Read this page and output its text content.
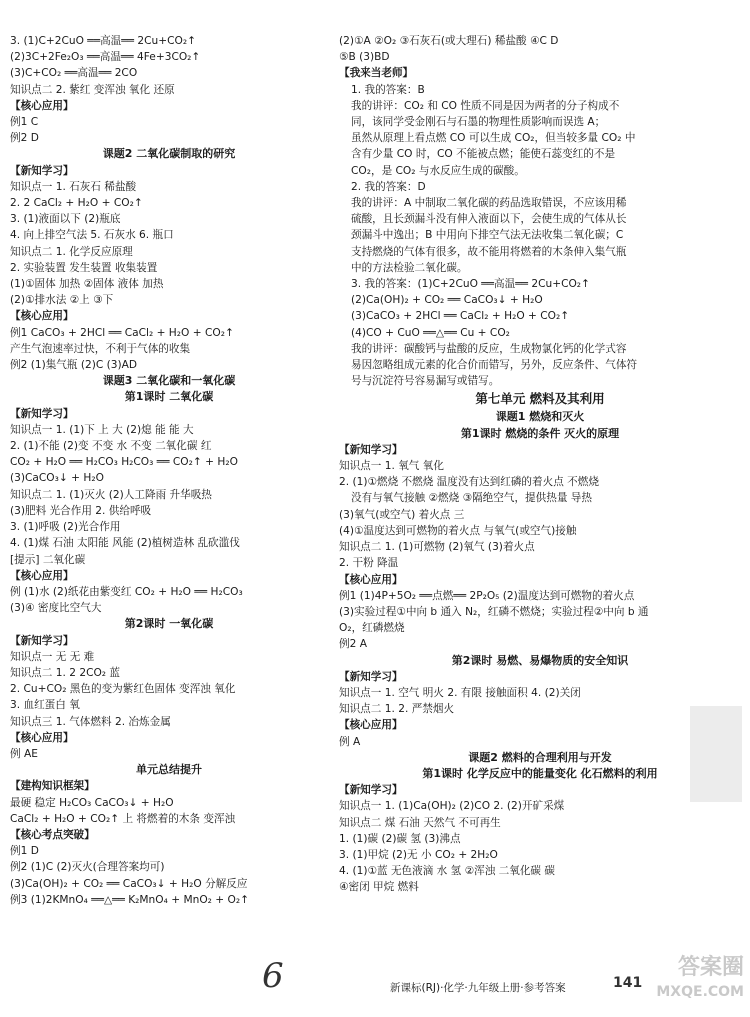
3. (1)C+2CuO ══高温══ 2Cu+CO₂↑
(2)3C+2Fe₂O₃ ══高温══ 4Fe+3CO₂↑
(3)C+CO₂ ══高温══ 2CO
知识点二 2. 紫红 变浑浊 氧化 还原
【核心应用】
例1 C
例2 D
课题2 二氧化碳制取的研究
【新知学习】
知识点一 1. 石灰石 稀盐酸
2. 2 CaCl₂ + H₂O + CO₂↑
3. (1)液面以下 (2)瓶底
4. 向上排空气法 5. 石灰水 6. 瓶口
知识点二 1. 化学反应原理
2. 实验装置 发生装置 收集装置
(1)①固体 加热 ②固体 液体 加热
(2)①排水法 ②上 ③下
【核心应用】
例1 CaCO₃ + 2HCl ══ CaCl₂ + H₂O + CO₂↑
产生气泡速率过快，不利于气体的收集
例2 (1)集气瓶 (2)C (3)AD
课题3 二氧化碳和一氧化碳
第1课时 二氧化碳
【新知学习】
知识点一 1. (1)下 上 大 (2)熄 能 能 大
2. (1)不能 (2)变 不变 水 不变 二氧化碳 红
CO₂ + H₂O ══ H₂CO₃ H₂CO₃ ══ CO₂↑ + H₂O
(3)CaCO₃↓ + H₂O
知识点二 1. (1)灭火 (2)人工降雨 升华吸热
(3)肥料 光合作用 2. 供给呼吸
3. (1)呼吸 (2)光合作用
4. (1)煤 石油 太阳能 风能 (2)植树造林 乱砍滥伐
[提示] 二氧化碳
【核心应用】
例 (1)水 (2)纸花由紫变红 CO₂ + H₂O ══ H₂CO₃
(3)④ 密度比空气大
第2课时 一氧化碳
【新知学习】
知识点一 无 无 难
知识点二 1. 2 2CO₂ 蓝
2. Cu+CO₂ 黑色的变为紫红色固体 变浑浊 氧化
3. 血红蛋白 氧
知识点三 1. 气体燃料 2. 冶炼金属
【核心应用】
例 AE
单元总结提升
【建构知识框架】
最硬 稳定 H₂CO₃ CaCO₃↓ + H₂O
CaCl₂ + H₂O + CO₂↑ 上 将燃着的木条 变浑浊
【核心考点突破】
例1 D
例2 (1)C (2)灭火(合理答案均可)
(3)Ca(OH)₂ + CO₂ ══ CaCO₃↓ + H₂O 分解反应
例3 (1)2KMnO₄ ══△══ K₂MnO₄ + MnO₂ + O₂↑
(2)①A ②O₂ ③石灰石(或大理石) 稀盐酸 ④C D
⑤B (3)BD
【我来当老师】
1. 我的答案：B
我的讲评：CO₂ 和 CO 性质不同是因为两者的分子构成不
同，该同学受金刚石与石墨的物理性质影响而误选 A；
虽然从原理上看点燃 CO 可以生成 CO₂，但当较多量 CO₂ 中
含有少量 CO 时，CO 不能被点燃；能使石蕊变红的不是
CO₂，是 CO₂ 与水反应生成的碳酸。
2. 我的答案：D
我的讲评：A 中制取二氧化碳的药品选取错误，不应该用稀
硫酸，且长颈漏斗没有伸入液面以下，会使生成的气体从长
颈漏斗中逸出；B 中用向下排空气法无法收集二氧化碳；C
支持燃烧的气体有很多，故不能用将燃着的木条伸入集气瓶
中的方法检验二氧化碳。
3. 我的答案：(1)C+2CuO ══高温══ 2Cu+CO₂↑
(2)Ca(OH)₂ + CO₂ ══ CaCO₃↓ + H₂O
(3)CaCO₃ + 2HCl ══ CaCl₂ + H₂O + CO₂↑
(4)CO + CuO ══△══ Cu + CO₂
我的讲评：碳酸钙与盐酸的反应，生成物氯化钙的化学式容
易因忽略组成元素的化合价而错写，另外，反应条件、气体符
号与沉淀符号容易漏写或错写。
第七单元 燃料及其利用
课题1 燃烧和灭火
第1课时 燃烧的条件 灭火的原理
【新知学习】
知识点一 1. 氧气 氧化
2. (1)①燃烧 不燃烧 温度没有达到红磷的着火点 不燃烧
没有与氧气接触 ②燃烧 ③隔绝空气，提供热量 导热
(3)氧气(或空气) 着火点 三
(4)①温度达到可燃物的着火点 与氧气(或空气)接触
知识点二 1. (1)可燃物 (2)氧气 (3)着火点
2. 干粉 降温
【核心应用】
例1 (1)4P+5O₂ ══点燃══ 2P₂O₅ (2)温度达到可燃物的着火点
(3)实验过程①中向 b 通入 N₂，红磷不燃烧；实验过程②中向 b 通
O₂，红磷燃烧
例2 A
第2课时 易燃、易爆物质的安全知识
【新知学习】
知识点一 1. 空气 明火 2. 有限 接触面积 4. (2)关闭
知识点二 1. 2. 严禁烟火
【核心应用】
例 A
课题2 燃料的合理利用与开发
第1课时 化学反应中的能量变化 化石燃料的利用
【新知学习】
知识点一 1. (1)Ca(OH)₂ (2)CO 2. (2)开矿采煤
知识点二 煤 石油 天然气 不可再生
1. (1)碳 (2)碳 氢 (3)沸点
3. (1)甲烷 (2)无 小 CO₂ + 2H₂O
4. (1)①蓝 无色液滴 水 氢 ②浑浊 二氧化碳 碳
④密闭 甲烷 燃料
6	新课标(RJ)·化学·九年级上册·参考答案	141
答案圈
MXQE.COM
